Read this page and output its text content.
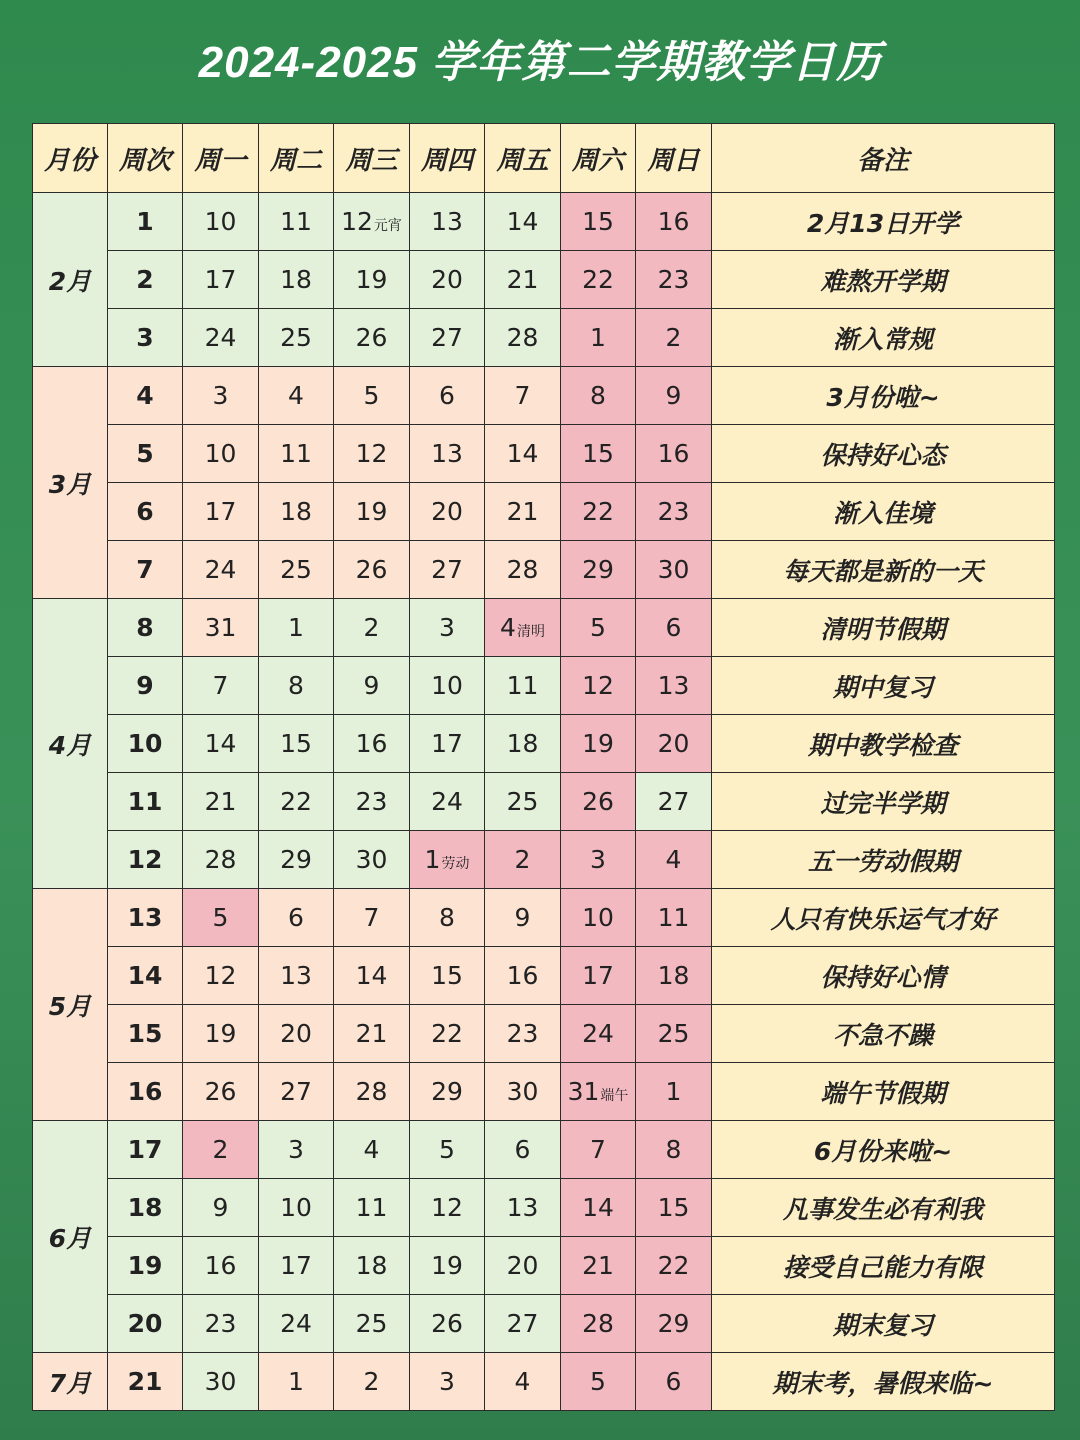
2024-2025 学年第二学期教学日历
月份	周次	周一	周二	周三	周四	周五	周六	周日	备注
2月	1	10	11	12元宵	13	14	15	16	2月13日开学
	2	17	18	19	20	21	22	23	难熬开学期
	3	24	25	26	27	28	1	2	渐入常规
3月	4	3	4	5	6	7	8	9	3月份啦~
	5	10	11	12	13	14	15	16	保持好心态
	6	17	18	19	20	21	22	23	渐入佳境
	7	24	25	26	27	28	29	30	每天都是新的一天
4月	8	31	1	2	3	4清明	5	6	清明节假期
	9	7	8	9	10	11	12	13	期中复习
	10	14	15	16	17	18	19	20	期中教学检查
	11	21	22	23	24	25	26	27	过完半学期
	12	28	29	30	1劳动	2	3	4	五一劳动假期
5月	13	5	6	7	8	9	10	11	人只有快乐运气才好
	14	12	13	14	15	16	17	18	保持好心情
	15	19	20	21	22	23	24	25	不急不躁
	16	26	27	28	29	30	31端午	1	端午节假期
6月	17	2	3	4	5	6	7	8	6月份来啦~
	18	9	10	11	12	13	14	15	凡事发生必有利我
	19	16	17	18	19	20	21	22	接受自己能力有限
	20	23	24	25	26	27	28	29	期末复习
7月	21	30	1	2	3	4	5	6	期末考，暑假来临~
